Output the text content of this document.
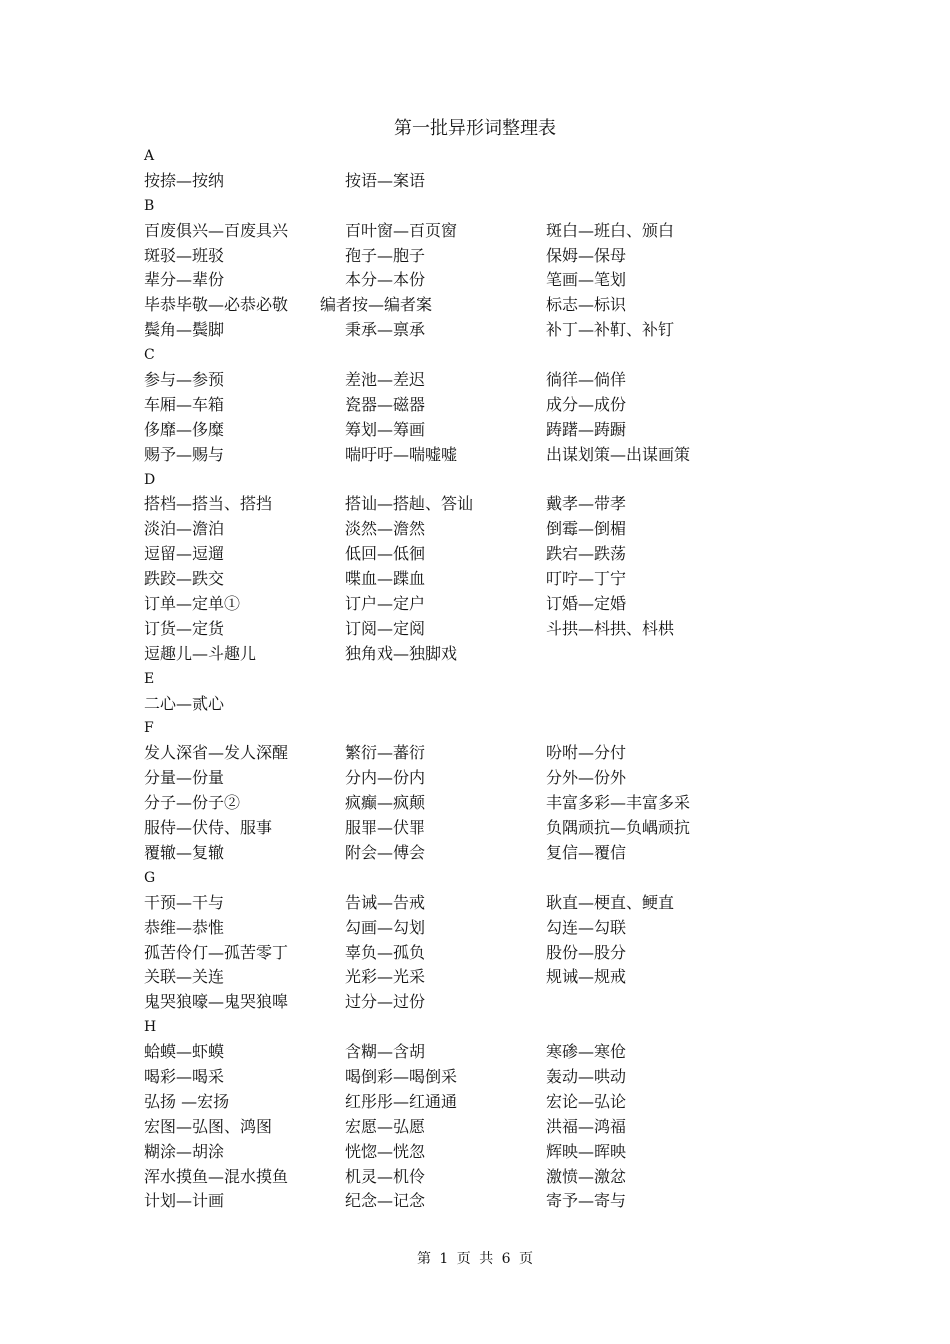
第一批异形词整理表
A
按捺—按纳	按语—案语
B
百废俱兴—百废具兴	百叶窗—百页窗	斑白—班白、颁白
斑驳—班驳	孢子—胞子	保姆—保母
辈分—辈份	本分—本份	笔画—笔划
毕恭毕敬—必恭必敬 编者按—编者案	标志—标识
鬓角—鬓脚	秉承—禀承	补丁—补靪、补钉
C
参与—参预	差池—差迟	徜徉—倘佯
车厢—车箱	瓷器—磁器	成分—成份
侈靡—侈糜	筹划—筹画	踌躇—踌蹰
赐予—赐与	喘吁吁—喘嘘嘘	出谋划策—出谋画策
D
搭档—搭当、搭挡	搭讪—搭赸、答讪	戴孝—带孝
淡泊—澹泊	淡然—澹然	倒霉—倒楣
逗留—逗遛	低回—低徊	跌宕—跌荡
跌跤—跌交	喋血—蹀血	叮咛—丁宁
订单—定单①	订户—定户	订婚—定婚
订货—定货	订阅—定阅	斗拱—枓拱、枓栱
逗趣儿—斗趣儿	独角戏—独脚戏
E
二心—贰心
F
发人深省—发人深醒	繁衍—蕃衍	吩咐—分付
分量—份量	分内—份内	分外—份外
分子—份子②	疯癫—疯颠	丰富多彩—丰富多采
服侍—伏侍、服事	服罪—伏罪	负隅顽抗—负嵎顽抗
覆辙—复辙	附会—傅会	复信—覆信
G
干预—干与	告诫—告戒	耿直—梗直、鲠直
恭维—恭惟	勾画—勾划	勾连—勾联
孤苦伶仃—孤苦零丁	辜负—孤负	股份—股分
关联—关连	光彩—光采	规诫—规戒
鬼哭狼嚎—鬼哭狼嗥	过分—过份
H
蛤蟆—虾蟆	含糊—含胡	寒碜—寒伧
喝彩—喝采	喝倒彩—喝倒采	轰动—哄动
弘扬 —宏扬	红彤彤—红通通	宏论—弘论
宏图—弘图、鸿图	宏愿—弘愿	洪福—鸿福
糊涂—胡涂	恍惚—恍忽	辉映—晖映
浑水摸鱼—混水摸鱼	机灵—机伶	激愤—激忿
计划—计画	纪念—记念	寄予—寄与
第 1 页 共 6 页
